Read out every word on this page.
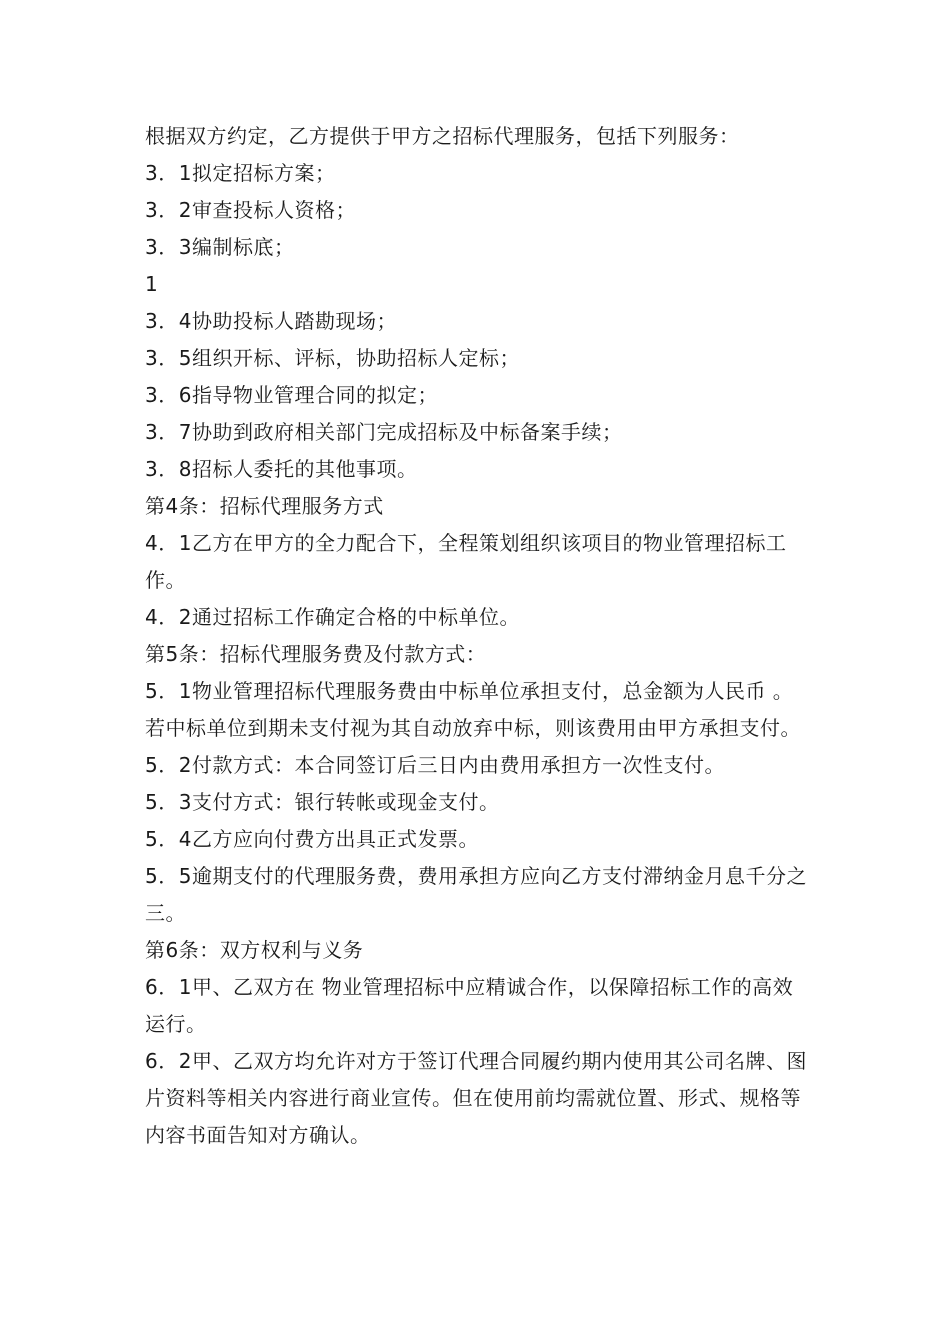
根据双方约定，乙方提供于甲方之招标代理服务，包括下列服务：

3．1拟定招标方案；

3．2审查投标人资格；

3．3编制标底；

1

3．4协助投标人踏勘现场；

3．5组织开标、评标，协助招标人定标；

3．6指导物业管理合同的拟定；

3．7协助到政府相关部门完成招标及中标备案手续；

3．8招标人委托的其他事项。

第4条：招标代理服务方式

4．1乙方在甲方的全力配合下，全程策划组织该项目的物业管理招标工作。

4．2通过招标工作确定合格的中标单位。

第5条：招标代理服务费及付款方式：

5．1物业管理招标代理服务费由中标单位承担支付，总金额为人民币 。若中标单位到期未支付视为其自动放弃中标，则该费用由甲方承担支付。

5．2付款方式：本合同签订后三日内由费用承担方一次性支付。

5．3支付方式：银行转帐或现金支付。

5．4乙方应向付费方出具正式发票。

5．5逾期支付的代理服务费，费用承担方应向乙方支付滞纳金月息千分之三。

第6条：双方权利与义务

6．1甲、乙双方在 物业管理招标中应精诚合作，以保障招标工作的高效运行。

6．2甲、乙双方均允许对方于签订代理合同履约期内使用其公司名牌、图片资料等相关内容进行商业宣传。但在使用前均需就位置、形式、规格等内容书面告知对方确认。
